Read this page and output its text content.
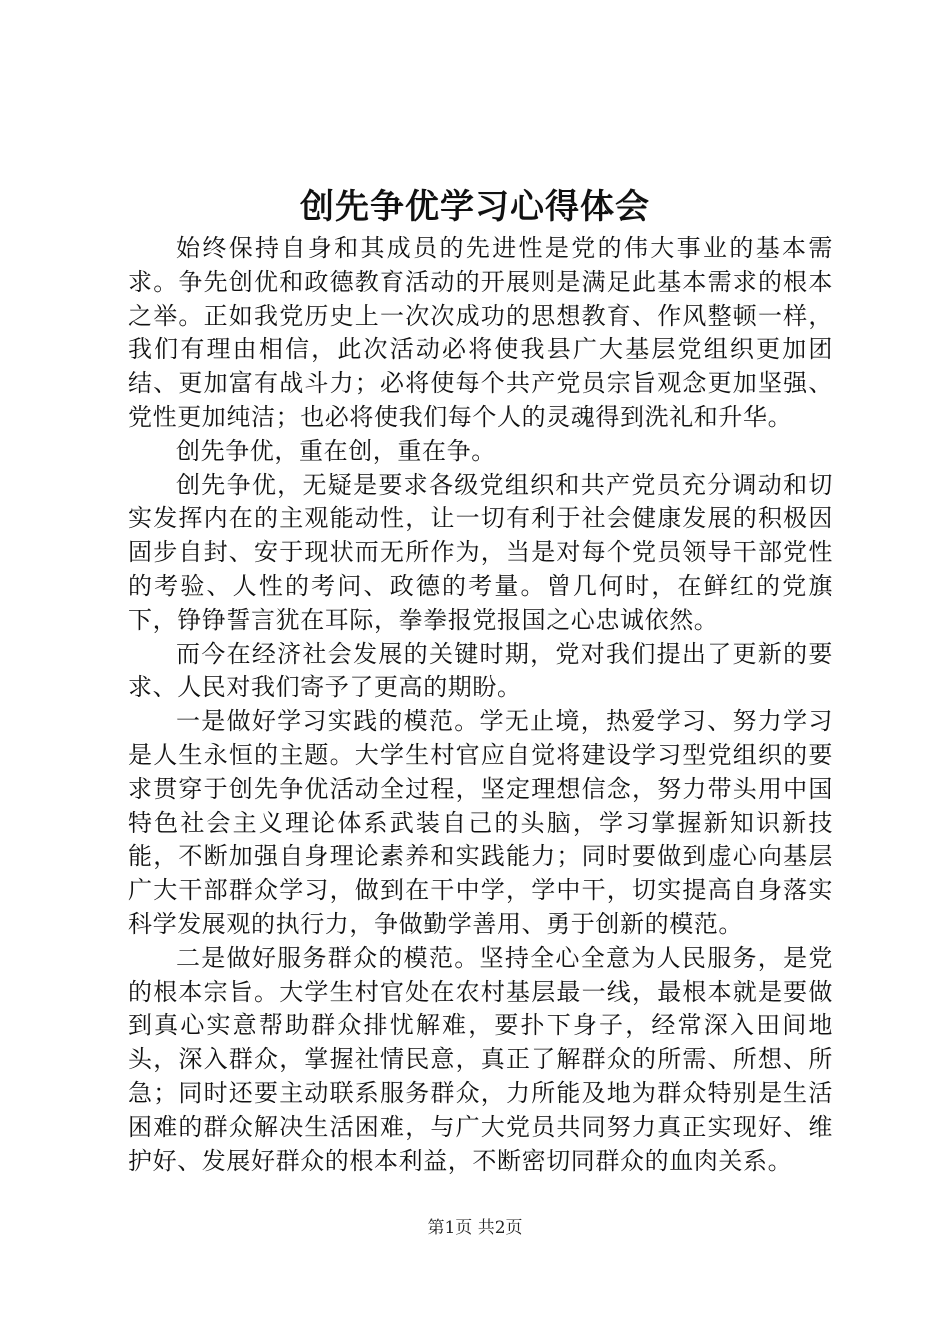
创先争优学习心得体会

始终保持自身和其成员的先进性是党的伟大事业的基本需求。争先创优和政德教育活动的开展则是满足此基本需求的根本之举。正如我党历史上一次次成功的思想教育、作风整顿一样，我们有理由相信，此次活动必将使我县广大基层党组织更加团结、更加富有战斗力；必将使每个共产党员宗旨观念更加坚强、党性更加纯洁；也必将使我们每个人的灵魂得到洗礼和升华。

创先争优，重在创，重在争。

创先争优，无疑是要求各级党组织和共产党员充分调动和切实发挥内在的主观能动性，让一切有利于社会健康发展的积极因固步自封、安于现状而无所作为，当是对每个党员领导干部党性的考验、人性的考问、政德的考量。曾几何时，在鲜红的党旗下，铮铮誓言犹在耳际，拳拳报党报国之心忠诚依然。

而今在经济社会发展的关键时期，党对我们提出了更新的要求、人民对我们寄予了更高的期盼。

一是做好学习实践的模范。学无止境，热爱学习、努力学习是人生永恒的主题。大学生村官应自觉将建设学习型党组织的要求贯穿于创先争优活动全过程，坚定理想信念，努力带头用中国特色社会主义理论体系武装自己的头脑，学习掌握新知识新技能，不断加强自身理论素养和实践能力；同时要做到虚心向基层广大干部群众学习，做到在干中学，学中干，切实提高自身落实科学发展观的执行力，争做勤学善用、勇于创新的模范。

二是做好服务群众的模范。坚持全心全意为人民服务，是党的根本宗旨。大学生村官处在农村基层最一线，最根本就是要做到真心实意帮助群众排忧解难，要扑下身子，经常深入田间地头，深入群众，掌握社情民意，真正了解群众的所需、所想、所急；同时还要主动联系服务群众，力所能及地为群众特别是生活困难的群众解决生活困难，与广大党员共同努力真正实现好、维护好、发展好群众的根本利益，不断密切同群众的血肉关系。

第1页 共2页
